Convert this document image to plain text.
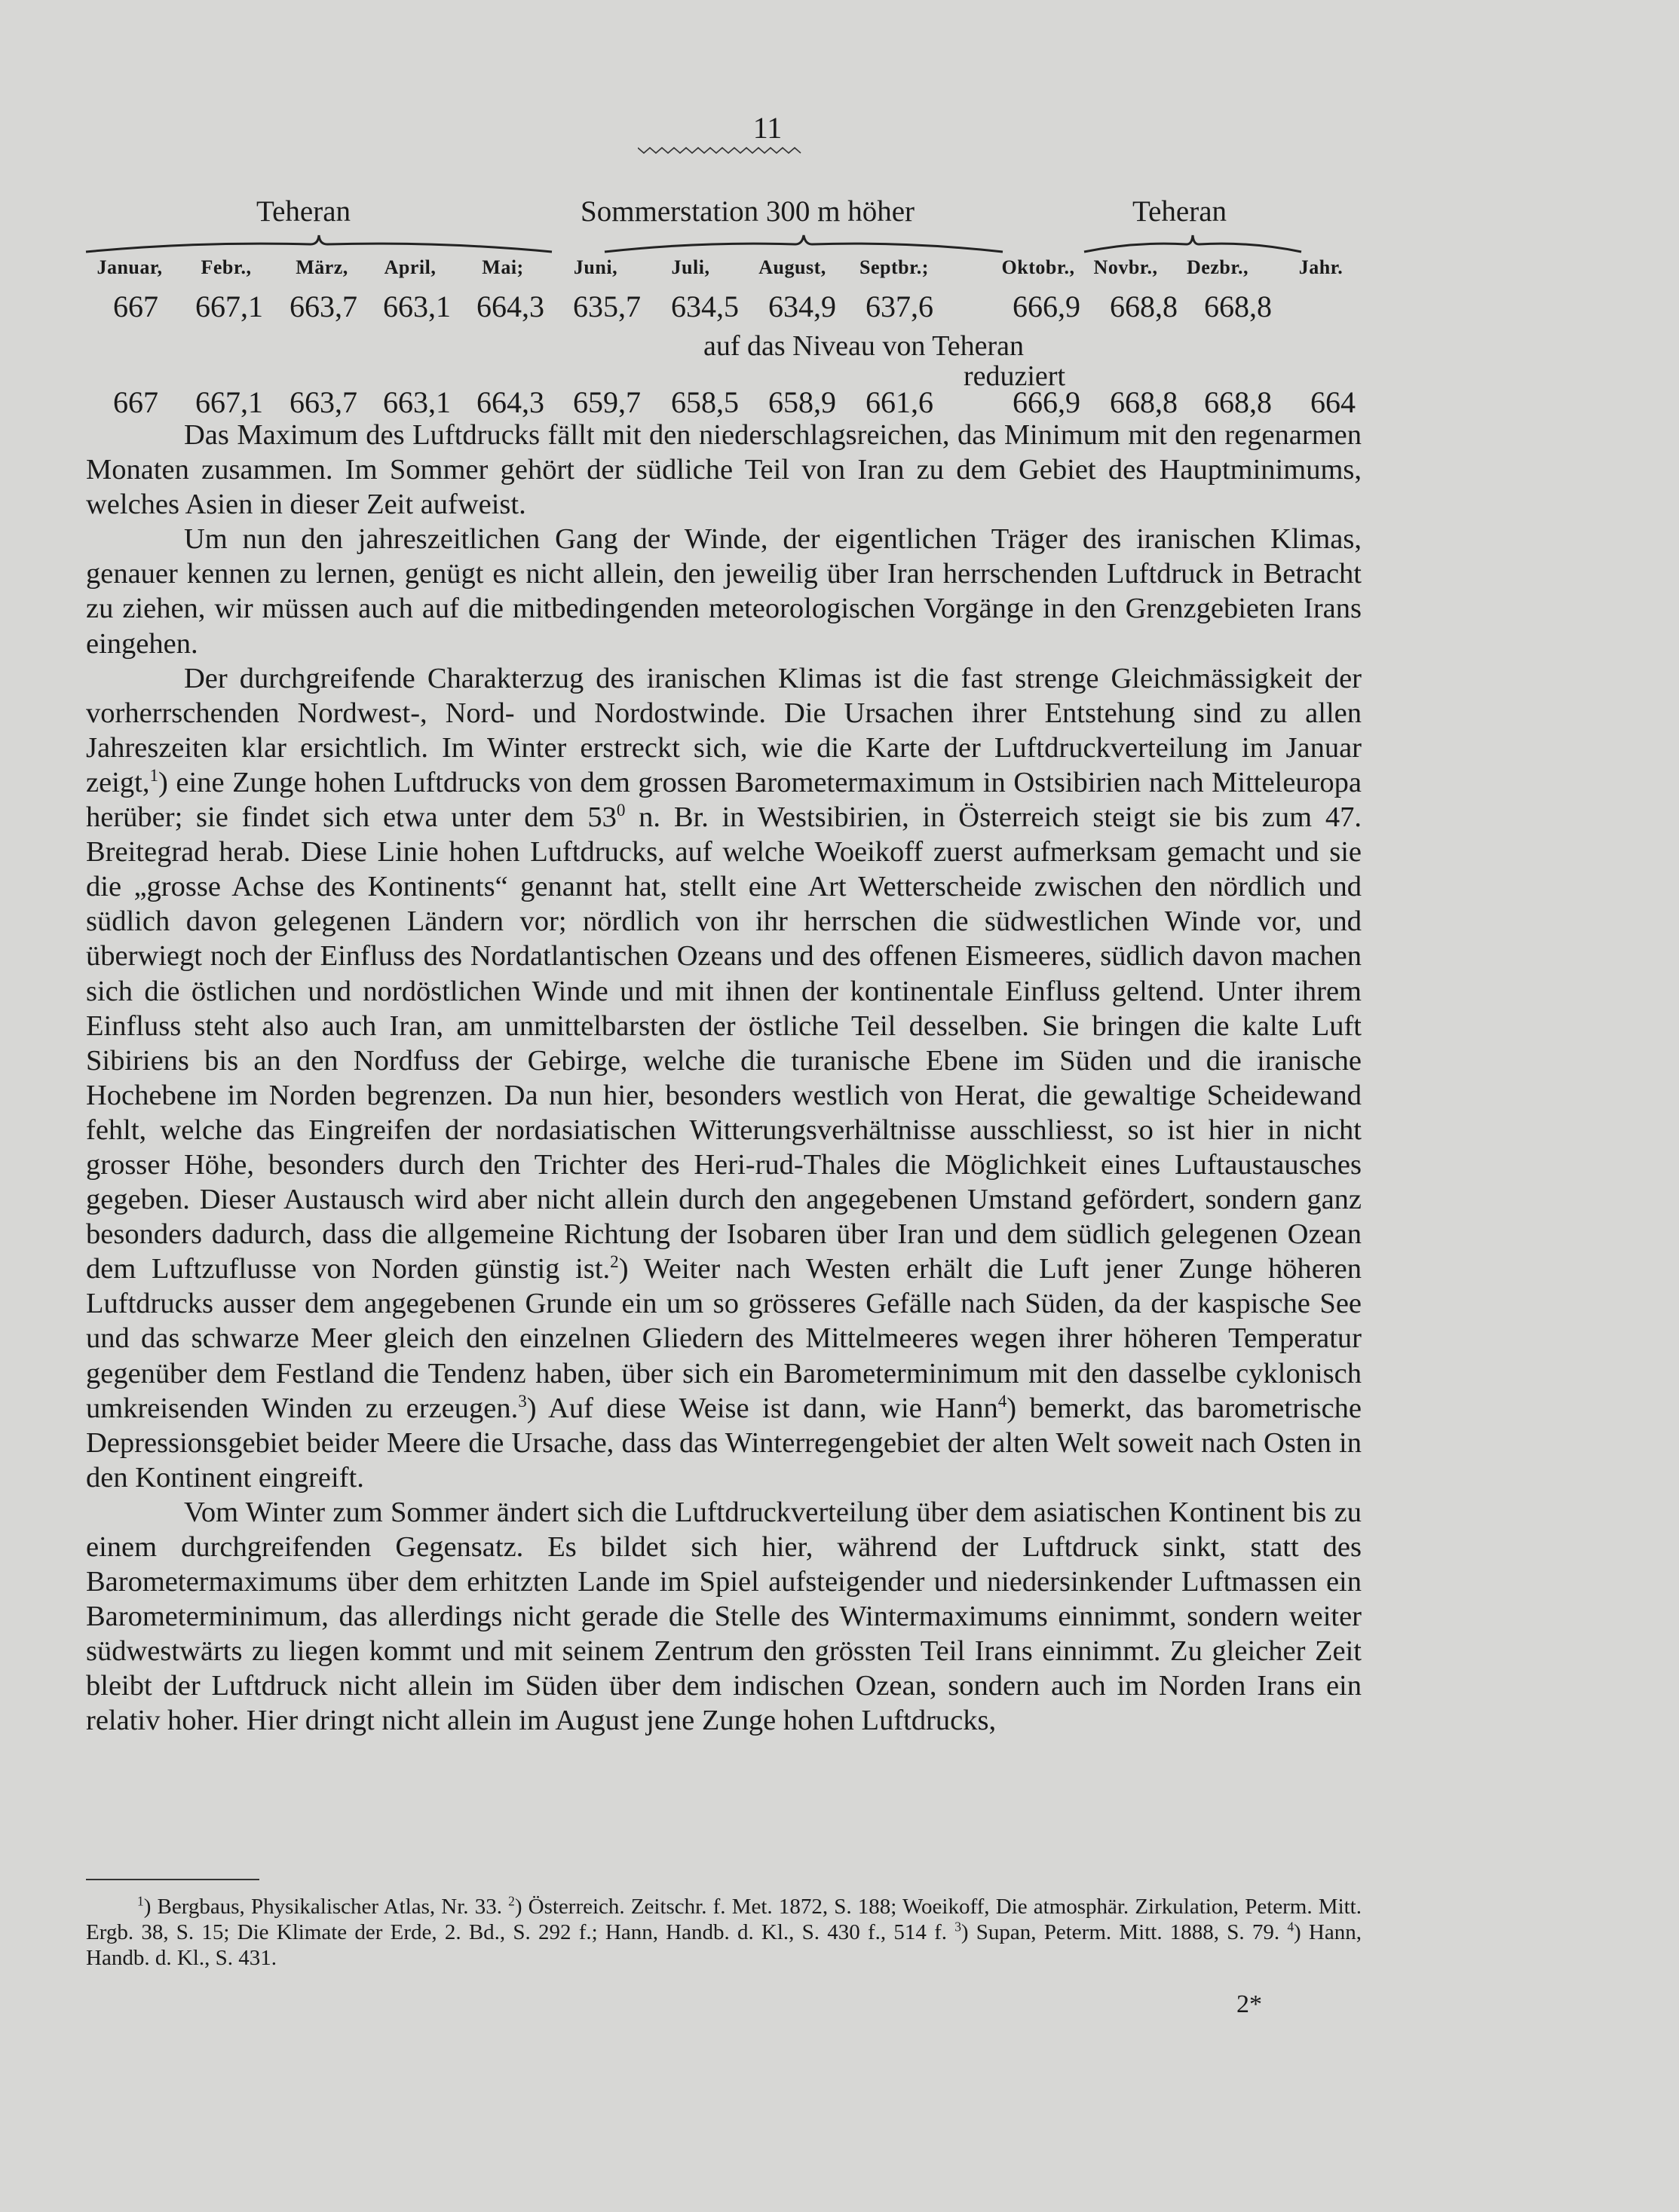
11
Teheran	Sommerstation 300 m höher	Teheran
Januar, Febr., März, April, Mai;	Juni,	Juli, August, Septbr.;	Oktobr., Novbr., Dezbr.,	Jahr.
667 667,1 663,7 663,1 664,3 635,7 634,5 634,9 637,6	666,9 668,8 668,8
auf das Niveau von Teheran
reduziert
667 667,1 663,7 663,1 664,3 659,7 658,5 658,9 661,6	666,9 668,8 668,8 664

Das Maximum des Luftdrucks fällt mit den niederschlagsreichen, das Minimum mit den regenarmen Monaten zusammen. Im Sommer gehört der südliche Teil von Iran zu dem Gebiet des Hauptminimums, welches Asien in dieser Zeit aufweist.

Um nun den jahreszeitlichen Gang der Winde, der eigentlichen Träger des iranischen Klimas, genauer kennen zu lernen, genügt es nicht allein, den jeweilig über Iran herrschenden Luftdruck in Betracht zu ziehen, wir müssen auch auf die mitbedingenden meteorologischen Vorgänge in den Grenzgebieten Irans eingehen.

Der durchgreifende Charakterzug des iranischen Klimas ist die fast strenge Gleichmässigkeit der vorherrschenden Nordwest-, Nord- und Nordostwinde. Die Ursachen ihrer Entstehung sind zu allen Jahreszeiten klar ersichtlich. Im Winter erstreckt sich, wie die Karte der Luftdruckverteilung im Januar zeigt,$^1$) eine Zunge hohen Luftdrucks von dem grossen Barometermaximum in Ostsibirien nach Mitteleuropa herüber; sie findet sich etwa unter dem $53^0$ n. Br. in Westsibirien, in Österreich steigt sie bis zum 47. Breitegrad herab. Diese Linie hohen Luftdrucks, auf welche Woeikoff zuerst aufmerksam gemacht und sie die „grosse Achse des Kontinents“ genannt hat, stellt eine Art Wetterscheide zwischen den nördlich und südlich davon gelegenen Ländern vor; nördlich von ihr herrschen die südwestlichen Winde vor, und überwiegt noch der Einfluss des Nordatlantischen Ozeans und des offenen Eismeeres, südlich davon machen sich die östlichen und nordöstlichen Winde und mit ihnen der kontinentale Einfluss geltend. Unter ihrem Einfluss steht also auch Iran, am unmittelbarsten der östliche Teil desselben. Sie bringen die kalte Luft Sibiriens bis an den Nordfuss der Gebirge, welche die turanische Ebene im Süden und die iranische Hochebene im Norden begrenzen. Da nun hier, besonders westlich von Herat, die gewaltige Scheidewand fehlt, welche das Eingreifen der nordasiatischen Witterungsverhältnisse ausschliesst, so ist hier in nicht grosser Höhe, besonders durch den Trichter des Heri-rud-Thales die Möglichkeit eines Luftaustausches gegeben. Dieser Austausch wird aber nicht allein durch den angegebenen Umstand gefördert, sondern ganz besonders dadurch, dass die allgemeine Richtung der Isobaren über Iran und dem südlich gelegenen Ozean dem Luftzuflusse von Norden günstig ist.$^2$) Weiter nach Westen erhält die Luft jener Zunge höheren Luftdrucks ausser dem angegebenen Grunde ein um so grösseres Gefälle nach Süden, da der kaspische See und das schwarze Meer gleich den einzelnen Gliedern des Mittelmeeres wegen ihrer höheren Temperatur gegenüber dem Festland die Tendenz haben, über sich ein Barometerminimum mit den dasselbe cyklonisch umkreisenden Winden zu erzeugen.$^3$) Auf diese Weise ist dann, wie Hann$^4$) bemerkt, das barometrische Depressionsgebiet beider Meere die Ursache, dass das Winterregengebiet der alten Welt soweit nach Osten in den Kontinent eingreift.

Vom Winter zum Sommer ändert sich die Luftdruckverteilung über dem asiatischen Kontinent bis zu einem durchgreifenden Gegensatz. Es bildet sich hier, während der Luftdruck sinkt, statt des Barometermaximums über dem erhitzten Lande im Spiel aufsteigender und niedersinkender Luftmassen ein Barometerminimum, das allerdings nicht gerade die Stelle des Wintermaximums einnimmt, sondern weiter südwestwärts zu liegen kommt und mit seinem Zentrum den grössten Teil Irans einnimmt. Zu gleicher Zeit bleibt der Luftdruck nicht allein im Süden über dem indischen Ozean, sondern auch im Norden Irans ein relativ hoher. Hier dringt nicht allein im August jene Zunge hohen Luftdrucks,

$^1$) Bergbaus, Physikalischer Atlas, Nr. 33. $^2$) Österreich. Zeitschr. f. Met. 1872, S. 188; Woeikoff, Die atmosphär. Zirkulation, Peterm. Mitt. Ergb. 38, S. 15; Die Klimate der Erde, 2. Bd., S. 292 f.; Hann, Handb. d. Kl., S. 430 f., 514 f. $^3$) Supan, Peterm. Mitt. 1888, S. 79. $^4$) Hann, Handb. d. Kl., S. 431.

2*
